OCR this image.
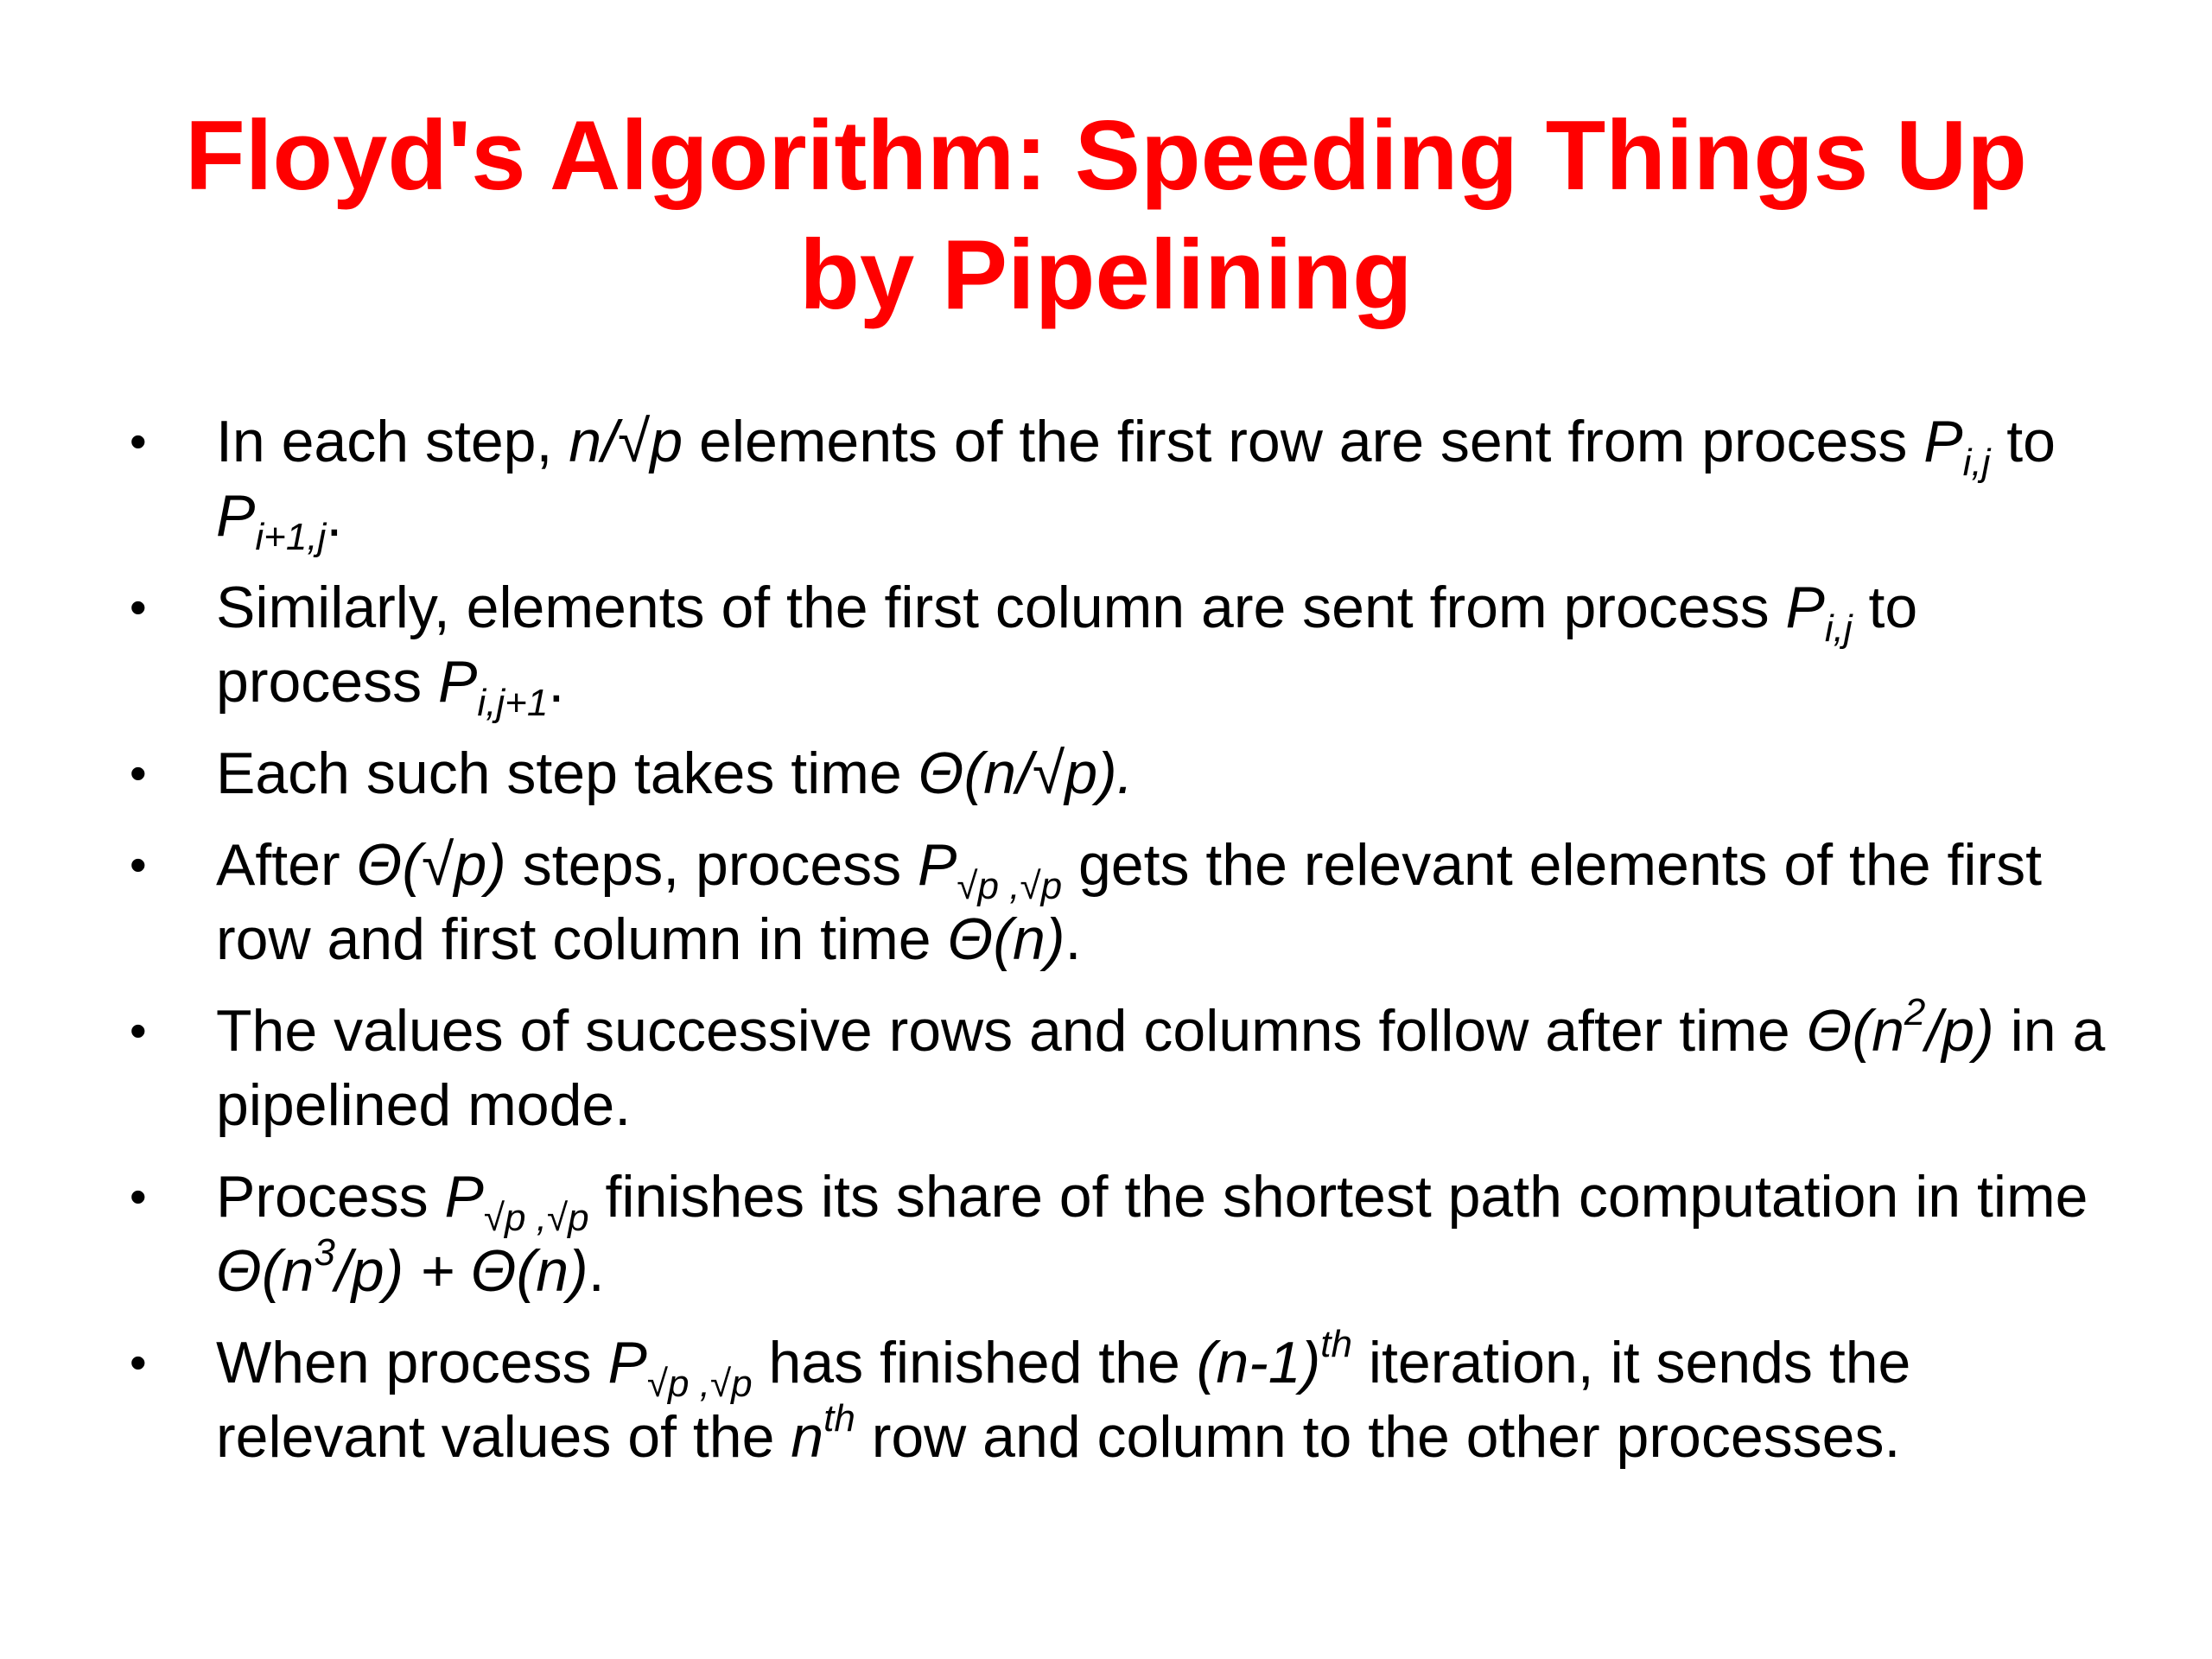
Floyd's Algorithm: Speeding Things Up
by Pipelining
• In each step, n/√p elements of the first row are sent from process $P_{i,j}$ to $P_{i+1,j}$.
• Similarly, elements of the first column are sent from process $P_{i,j}$ to process $P_{i,j+1}$.
• Each such step takes time Θ(n/√p).
• After Θ(√p) steps, process $P_{√p ,√p}$ gets the relevant elements of the first row and first column in time Θ(n).
• The values of successive rows and columns follow after time $\Theta(n^2/p)$ in a pipelined mode.
• Process $P_{√p ,√p}$ finishes its share of the shortest path computation in time $\Theta(n^3/p) + \Theta(n)$.
• When process $P_{√p ,√p}$ has finished the $(n-1)^{th}$ iteration, it sends the relevant values of the $n^{th}$ row and column to the other processes.
